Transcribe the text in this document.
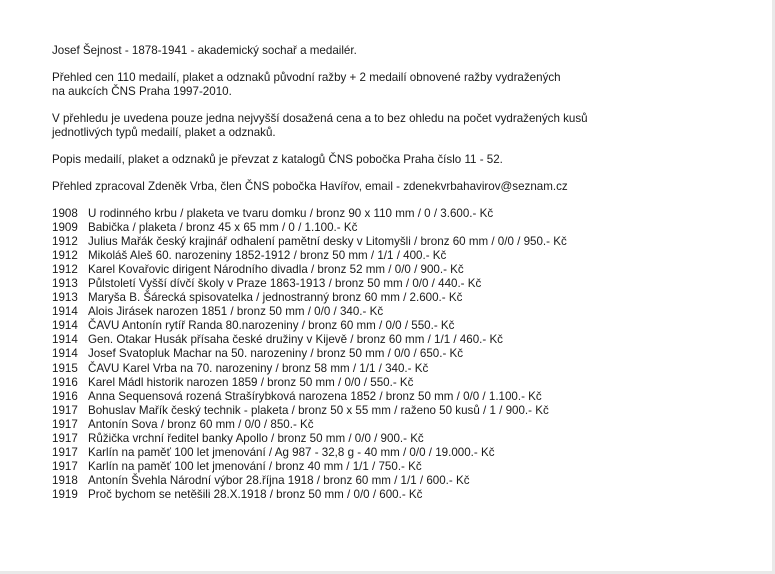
Josef Šejnost - 1878-1941 - akademický sochař a medailér.

Přehled cen 110 medailí, plaket a odznaků původní ražby + 2 medailí obnovené ražby vydražených
na aukcích ČNS Praha 1997-2010.

V přehledu je uvedena pouze jedna nejvyšší dosažená cena a to bez ohledu na počet vydražených kusů
jednotlivých typů medailí, plaket a odznaků.

Popis medailí, plaket a odznaků je převzat z katalogů ČNS pobočka Praha číslo 11 - 52.

Přehled zpracoval Zdeněk Vrba, člen ČNS pobočka Havířov, email - zdenekvrbahavirov@seznam.cz

1908 U rodinného krbu / plaketa ve tvaru domku / bronz 90 x 110 mm / 0 / 3.600.- Kč
1909 Babička / plaketa / bronz 45 x 65 mm / 0 / 1.100.- Kč
1912 Julius Mařák český krajinář odhalení pamětní desky v Litomyšli / bronz 60 mm / 0/0 / 950.- Kč
1912 Mikoláš Aleš 60. narozeniny 1852-1912 / bronz 50 mm / 1/1 / 400.- Kč
1912 Karel Kovařovic dirigent Národního divadla / bronz 52 mm / 0/0 / 900.- Kč
1913 Půlstoletí Vyšší dívčí školy v Praze 1863-1913 / bronz 50 mm / 0/0 / 440.- Kč
1913 Maryša B. Šárecká spisovatelka / jednostranný bronz 60 mm / 2.600.- Kč
1914 Alois Jirásek narozen 1851 / bronz 50 mm / 0/0 / 340.- Kč
1914 ČAVU Antonín rytíř Randa 80.narozeniny / bronz 60 mm / 0/0 / 550.- Kč
1914 Gen. Otakar Husák přísaha české družiny v Kijevě / bronz 60 mm / 1/1 / 460.- Kč
1914 Josef Svatopluk Machar na 50. narozeniny / bronz 50 mm / 0/0 / 650.- Kč
1915 ČAVU Karel Vrba na 70. narozeniny / bronz 58 mm / 1/1 / 340.- Kč
1916 Karel Mádl historik narozen 1859 / bronz 50 mm / 0/0 / 550.- Kč
1916 Anna Sequensová rozená Strašírybková narozena 1852 / bronz 50 mm / 0/0 / 1.100.- Kč
1917 Bohuslav Mařík český technik - plaketa / bronz 50 x 55 mm / raženo 50 kusů / 1 / 900.- Kč
1917 Antonín Sova / bronz 60 mm / 0/0 / 850.- Kč
1917 Růžička vrchní ředitel banky Apollo / bronz 50 mm / 0/0 / 900.- Kč
1917 Karlín na paměť 100 let jmenování / Ag 987 - 32,8 g - 40 mm / 0/0 / 19.000.- Kč
1917 Karlín na paměť 100 let jmenování / bronz 40 mm / 1/1 / 750.- Kč
1918 Antonín Švehla Národní výbor 28.října 1918 / bronz 60 mm / 1/1 / 600.- Kč
1919 Proč bychom se netěšili 28.X.1918 / bronz 50 mm / 0/0 / 600.- Kč
